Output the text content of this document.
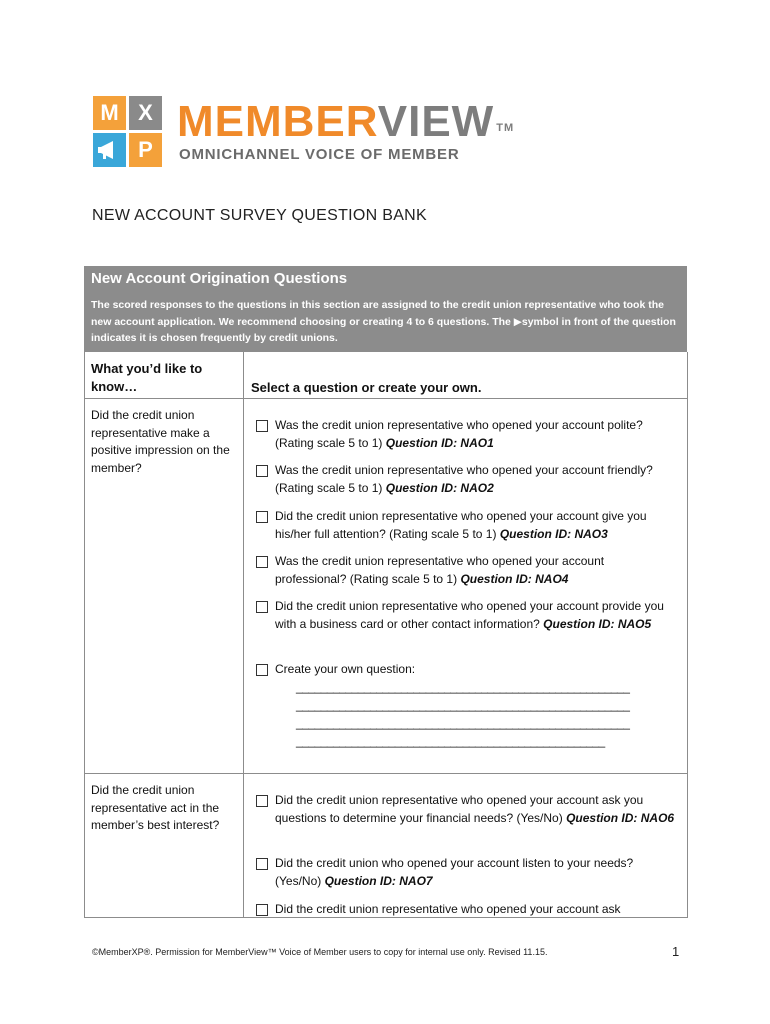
M X
P
MEMBERVIEW ™
OMNICHANNEL VOICE OF MEMBER
NEW ACCOUNT SURVEY QUESTION BANK
New Account Origination Questions
The scored responses to the questions in this section are assigned to the credit union representative who took the new account application. We recommend choosing or creating 4 to 6 questions. The ▶symbol in front of the question indicates it is chosen frequently by credit unions.
What you’d like to know…	Select a question or create your own.
Did the credit union representative make a positive impression on the member?
Was the credit union representative who opened your account polite? (Rating scale 5 to 1) Question ID: NAO1
Was the credit union representative who opened your account friendly? (Rating scale 5 to 1) Question ID: NAO2
Did the credit union representative who opened your account give you his/her full attention? (Rating scale 5 to 1) Question ID: NAO3
Was the credit union representative who opened your account professional? (Rating scale 5 to 1) Question ID: NAO4
Did the credit union representative who opened your account provide you with a business card or other contact information? Question ID: NAO5
Create your own question:
______________________________________________________
______________________________________________________
______________________________________________________
__________________________________________________
Did the credit union representative act in the member’s best interest?
Did the credit union representative who opened your account ask you questions to determine your financial needs? (Yes/No) Question ID: NAO6
Did the credit union who opened your account listen to your needs? (Yes/No) Question ID: NAO7
Did the credit union representative who opened your account ask
©MemberXP®. Permission for MemberView™ Voice of Member users to copy for internal use only. Revised 11.15.	1
